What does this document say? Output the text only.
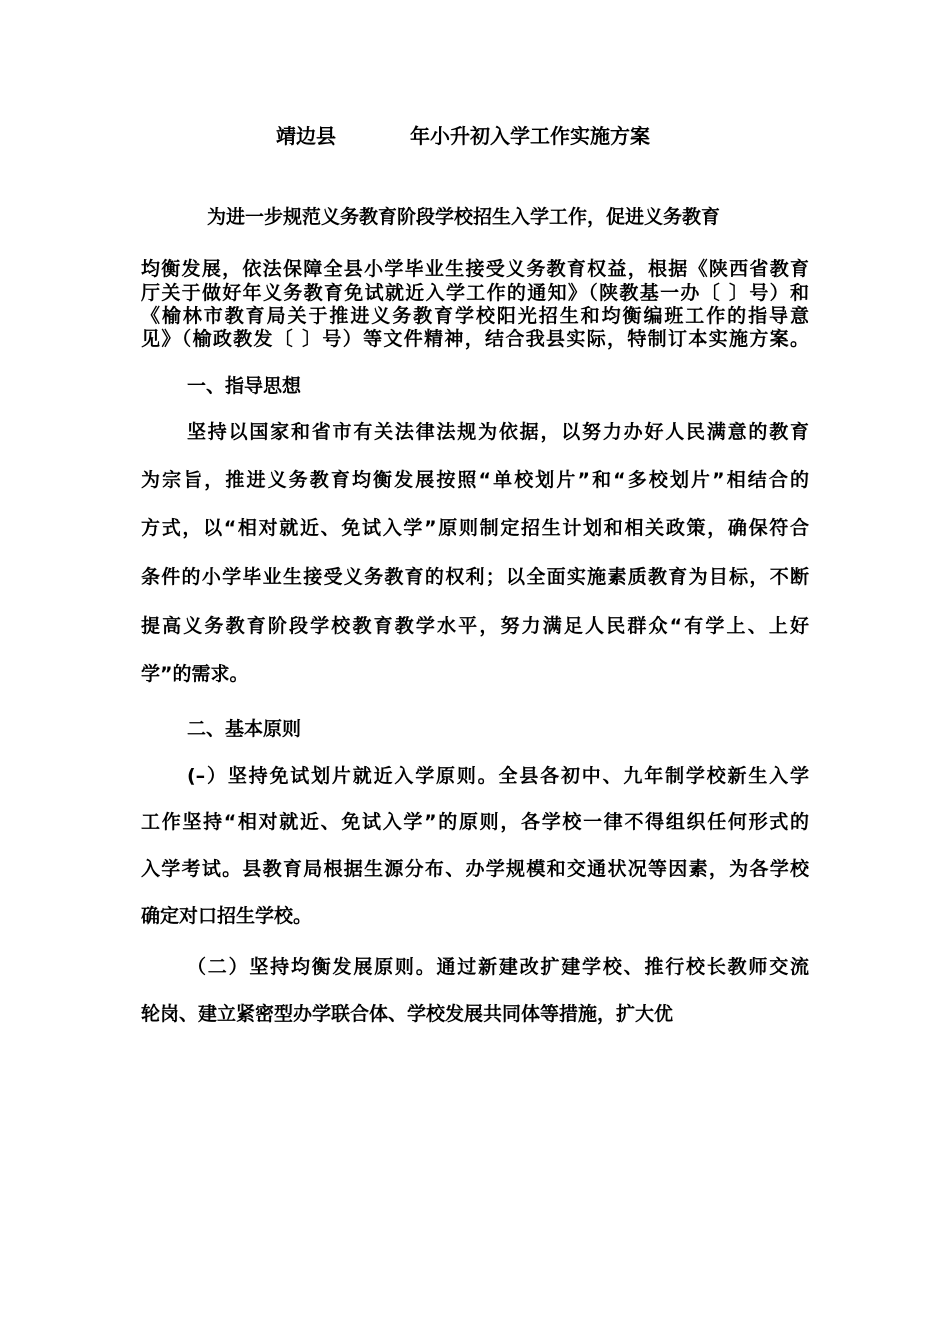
靖边县	年小升初入学工作实施方案
为进一步规范义务教育阶段学校招生入学工作，促进义务教育
均衡发展，依法保障全县小学毕业生接受义务教育权益，根据《陕西省教育
厅关于做好年义务教育免试就近入学工作的通知》（陕教基一办〔 〕号）和
《榆林市教育局关于推进义务教育学校阳光招生和均衡编班工作的指导意
见》（榆政教发〔 〕号）等文件精神，结合我县实际，特制订本实施方案。
一、指导思想
坚持以国家和省市有关法律法规为依据，以努力办好人民满意的教育
为宗旨，推进义务教育均衡发展按照“单校划片”和“多校划片”相结合的
方式，以“相对就近、免试入学”原则制定招生计划和相关政策，确保符合
条件的小学毕业生接受义务教育的权利；以全面实施素质教育为目标，不断
提高义务教育阶段学校教育教学水平，努力满足人民群众“有学上、上好
学”的需求。
二、基本原则
(–）坚持免试划片就近入学原则。全县各初中、九年制学校新生入学
工作坚持“相对就近、免试入学”的原则，各学校一律不得组织任何形式的
入学考试。县教育局根据生源分布、办学规模和交通状况等因素，为各学校
确定对口招生学校。
（二）坚持均衡发展原则。通过新建改扩建学校、推行校长教师交流
轮岗、建立紧密型办学联合体、学校发展共同体等措施，扩大优
